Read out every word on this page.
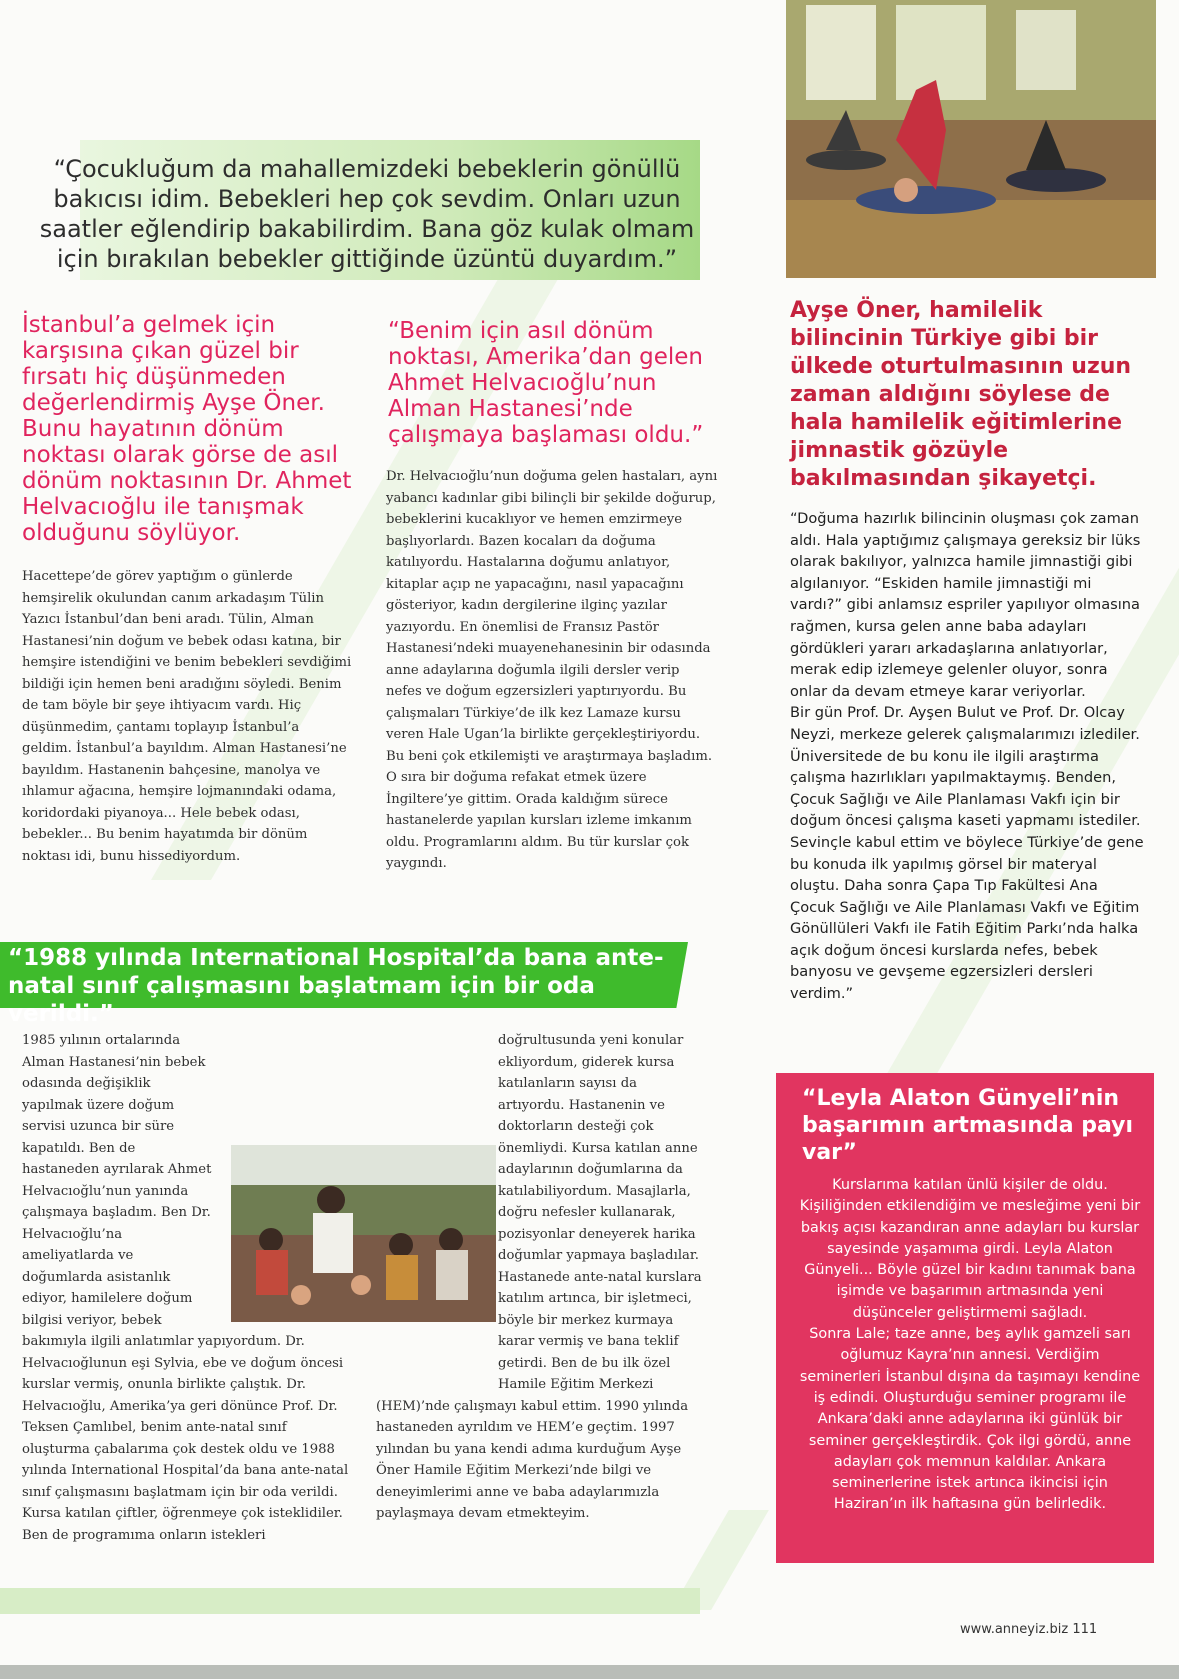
“Çocukluğum da mahallemizdeki bebeklerin gönüllü bakıcısı idim. Bebekleri hep çok sevdim. Onları uzun saatler eğlendirip bakabilirdim. Bana göz kulak olmam için bırakılan bebekler gittiğinde üzüntü duyardım.”
İstanbul’a gelmek için karşısına çıkan güzel bir fırsatı hiç düşünmeden değerlendirmiş Ayşe Öner. Bunu hayatının dönüm noktası olarak görse de asıl dönüm noktasının Dr. Ahmet Helvacıoğlu ile tanışmak olduğunu söylüyor.
“Benim için asıl dönüm noktası, Amerika’dan gelen Ahmet Helvacıoğlu’nun Alman Hastanesi’nde çalışmaya başlaması oldu.”
Hacettepe’de görev yaptığım o günlerde hemşirelik okulundan canım arkadaşım Tülin Yazıcı İstanbul’dan beni aradı. Tülin, Alman Hastanesi’nin doğum ve bebek odası katına, bir hemşire istendiğini ve benim bebekleri sevdiğimi bildiği için hemen beni aradığını söyledi. Benim de tam böyle bir şeye ihtiyacım vardı. Hiç düşünmedim, çantamı toplayıp İstanbul’a geldim. İstanbul’a bayıldım. Alman Hastanesi’ne bayıldım. Hastanenin bahçesine, manolya ve ıhlamur ağacına, hemşire lojmanındaki odama, koridordaki piyanoya... Hele bebek odası, bebekler... Bu benim hayatımda bir dönüm noktası idi, bunu hissediyordum.
Dr. Helvacıoğlu’nun doğuma gelen hastaları, aynı yabancı kadınlar gibi bilinçli bir şekilde doğurup, bebeklerini kucaklıyor ve hemen emzirmeye başlıyorlardı. Bazen kocaları da doğuma katılıyordu. Hastalarına doğumu anlatıyor, kitaplar açıp ne yapacağını, nasıl yapacağını gösteriyor, kadın dergilerine ilginç yazılar yazıyordu. En önemlisi de Fransız Pastör Hastanesi’ndeki muayenehanesinin bir odasında anne adaylarına doğumla ilgili dersler verip nefes ve doğum egzersizleri yaptırıyordu. Bu çalışmaları Türkiye’de ilk kez Lamaze kursu veren Hale Ugan’la birlikte gerçekleştiriyordu. Bu beni çok etkilemişti ve araştırmaya başladım. O sıra bir doğuma refakat etmek üzere İngiltere’ye gittim. Orada kaldığım sürece hastanelerde yapılan kursları izleme imkanım oldu. Programlarını aldım. Bu tür kurslar çok yaygındı.
Ayşe Öner, hamilelik bilincinin Türkiye gibi bir ülkede oturtulmasının uzun zaman aldığını söylese de hala hamilelik eğitimlerine jimnastik gözüyle bakılmasından şikayetçi.

“Doğuma hazırlık bilincinin oluşması çok zaman aldı. Hala yaptığımız çalışmaya gereksiz bir lüks olarak bakılıyor, yalnızca hamile jimnastiği gibi algılanıyor. “Eskiden hamile jimnastiği mi vardı?” gibi anlamsız espriler yapılıyor olmasına rağmen, kursa gelen anne baba adayları gördükleri yararı arkadaşlarına anlatıyorlar, merak edip izlemeye gelenler oluyor, sonra onlar da devam etmeye karar veriyorlar.

Bir gün Prof. Dr. Ayşen Bulut ve Prof. Dr. Olcay Neyzi, merkeze gelerek çalışmalarımızı izlediler. Üniversitede de bu konu ile ilgili araştırma çalışma hazırlıkları yapılmaktaymış. Benden, Çocuk Sağlığı ve Aile Planlaması Vakfı için bir doğum öncesi çalışma kaseti yapmamı istediler. Sevinçle kabul ettim ve böylece Türkiye’de gene bu konuda ilk yapılmış görsel bir materyal oluştu. Daha sonra Çapa Tıp Fakültesi Ana Çocuk Sağlığı ve Aile Planlaması Vakfı ve Eğitim Gönüllüleri Vakfı ile Fatih Eğitim Parkı’nda halka açık doğum öncesi kurslarda nefes, bebek banyosu ve gevşeme egzersizleri dersleri verdim.”

“1988 yılında International Hospital’da bana ante-natal sınıf çalışmasını başlatmam için bir oda verildi.”

1985 yılının ortalarında Alman Hastanesi’nin bebek odasında değişiklik yapılmak üzere doğum servisi uzunca bir süre kapatıldı. Ben de hastaneden ayrılarak Ahmet Helvacıoğlu’nun yanında çalışmaya başladım. Ben Dr. Helvacıoğlu’na ameliyatlarda ve doğumlarda asistanlık ediyor, hamilelere doğum bilgisi veriyor, bebek bakımıyla ilgili anlatımlar yapıyordum. Dr. Helvacıoğlunun eşi Sylvia, ebe ve doğum öncesi kurslar vermiş, onunla birlikte çalıştık. Dr. Helvacıoğlu, Amerika’ya geri dönünce Prof. Dr. Teksen Çamlıbel, benim ante-natal sınıf oluşturma çabalarıma çok destek oldu ve 1988 yılında International Hospital’da bana ante-natal sınıf çalışmasını başlatmam için bir oda verildi. Kursa katılan çiftler, öğrenmeye çok isteklidiler.

Ben de programıma onların istekleri

doğrultusunda yeni konular ekliyordum, giderek kursa katılanların sayısı da artıyordu. Hastanenin ve doktorların desteği çok önemliydi. Kursa katılan anne adaylarının doğumlarına da katılabiliyordum. Masajlarla, doğru nefesler kullanarak, pozisyonlar deneyerek harika doğumlar yapmaya başladılar. Hastanede ante-natal kurslara katılım artınca, bir işletmeci, böyle bir merkez kurmaya karar vermiş ve bana teklif getirdi. Ben de bu ilk özel Hamile Eğitim Merkezi (HEM)’nde çalışmayı kabul ettim. 1990 yılında hastaneden ayrıldım ve HEM’e geçtim. 1997 yılından bu yana kendi adıma kurduğum Ayşe Öner Hamile Eğitim Merkezi’nde bilgi ve deneyimlerimi anne ve baba adaylarımızla paylaşmaya devam etmekteyim.

“Leyla Alaton Günyeli’nin başarımın artmasında payı var”

Kurslarıma katılan ünlü kişiler de oldu. Kişiliğinden etkilendiğim ve mesleğime yeni bir bakış açısı kazandıran anne adayları bu kurslar sayesinde yaşamıma girdi. Leyla Alaton Günyeli... Böyle güzel bir kadını tanımak bana işimde ve başarımın artmasında yeni düşünceler geliştirmemi sağladı.

Sonra Lale; taze anne, beş aylık gamzeli sarı oğlumuz Kayra’nın annesi. Verdiğim seminerleri İstanbul dışına da taşımayı kendine iş edindi. Oluşturduğu seminer programı ile Ankara’daki anne adaylarına iki günlük bir seminer gerçekleştirdik. Çok ilgi gördü, anne adayları çok memnun kaldılar. Ankara seminerlerine istek artınca ikincisi için Haziran’ın ilk haftasına gün belirledik.

www.anneyiz.biz 111
